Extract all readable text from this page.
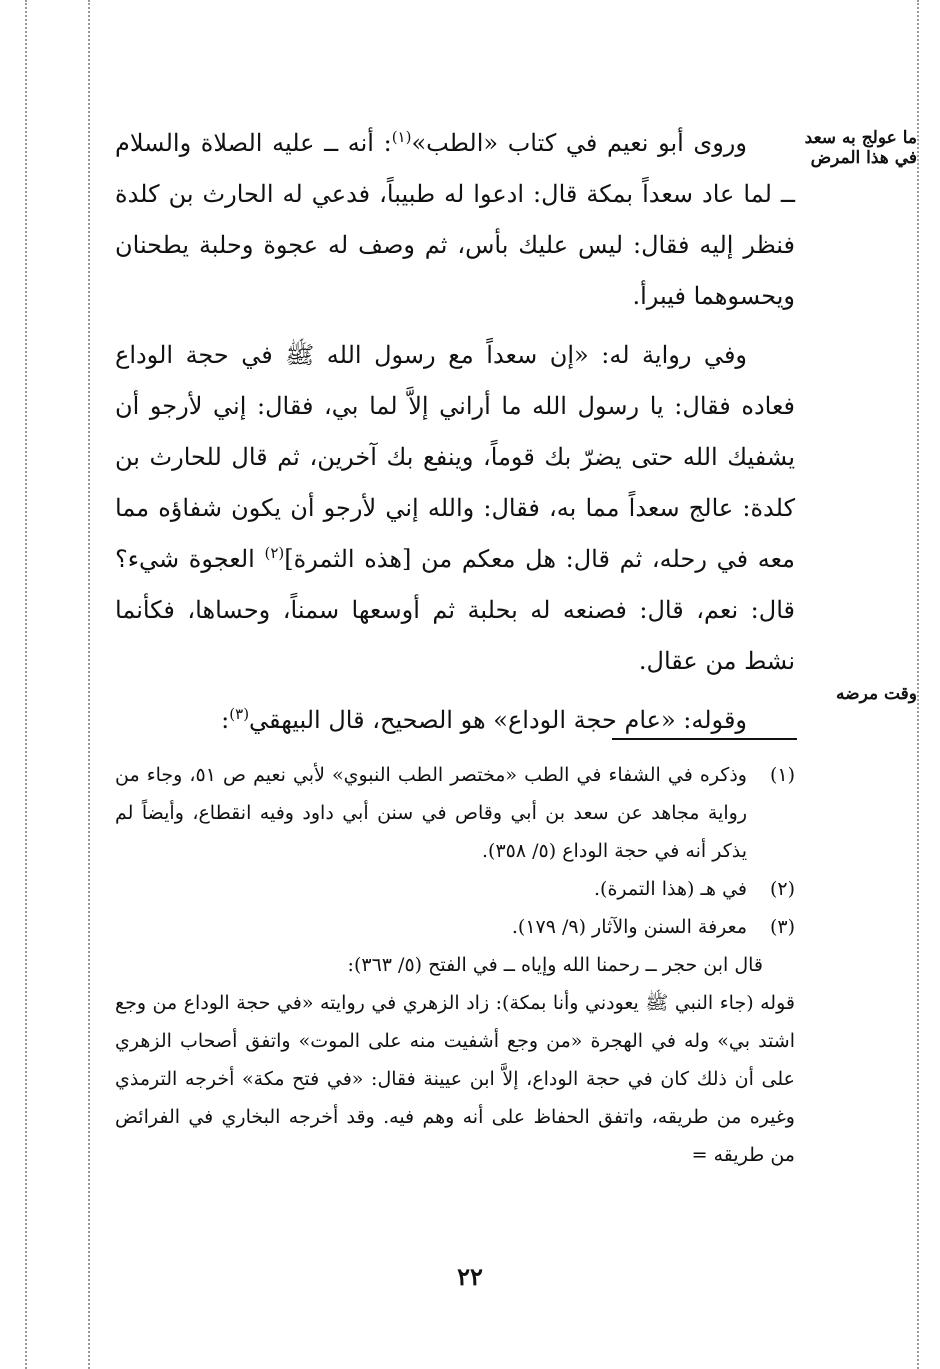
ما عولج به سعد
في هذا المرض
وقت مرضه

وروى أبو نعيم في كتاب «الطب»$^{(١)}$: أنه ــ عليه الصلاة والسلام ــ لما عاد سعداً بمكة قال: ادعوا له طبيباً، فدعي له الحارث بن كلدة فنظر إليه فقال: ليس عليك بأس، ثم وصف له عجوة وحلبة يطحنان ويحسوهما فيبرأ.

وفي رواية له: «إن سعداً مع رسول الله ﷺ في حجة الوداع فعاده فقال: يا رسول الله ما أراني إلاَّ لما بي، فقال: إني لأرجو أن يشفيك الله حتى يضرّ بك قوماً، وينفع بك آخرين، ثم قال للحارث بن كلدة: عالج سعداً مما به، فقال: والله إني لأرجو أن يكون شفاؤه مما معه في رحله، ثم قال: هل معكم من [هذه الثمرة]$^{(٢)}$ العجوة شيء؟ قال: نعم، قال: فصنعه له بحلبة ثم أوسعها سمناً، وحساها، فكأنما نشط من عقال.

وقوله: «عام حجة الوداع» هو الصحيح، قال البيهقي$^{(٣)}$:

(١)
وذكره في الشفاء في الطب «مختصر الطب النبوي» لأبي نعيم ص ٥١، وجاء من رواية مجاهد عن سعد بن أبي وقاص في سنن أبي داود وفيه انقطاع، وأيضاً لم يذكر أنه في حجة الوداع (٥/ ٣٥٨).
(٢)
في هـ (هذا التمرة).
(٣)
معرفة السنن والآثار (٩/ ١٧٩).
قال ابن حجر ــ رحمنا الله وإياه ــ في الفتح (٥/ ٣٦٣):
قوله (جاء النبي ﷺ يعودني وأنا بمكة): زاد الزهري في روايته «في حجة الوداع من وجع اشتد بي» وله في الهجرة «من وجع أشفيت منه على الموت» واتفق أصحاب الزهري على أن ذلك كان في حجة الوداع، إلاَّ ابن عيينة فقال: «في فتح مكة» أخرجه الترمذي وغيره من طريقه، واتفق الحفاظ على أنه وهم فيه. وقد أخرجه البخاري في الفرائض من طريقه =
٢٢
